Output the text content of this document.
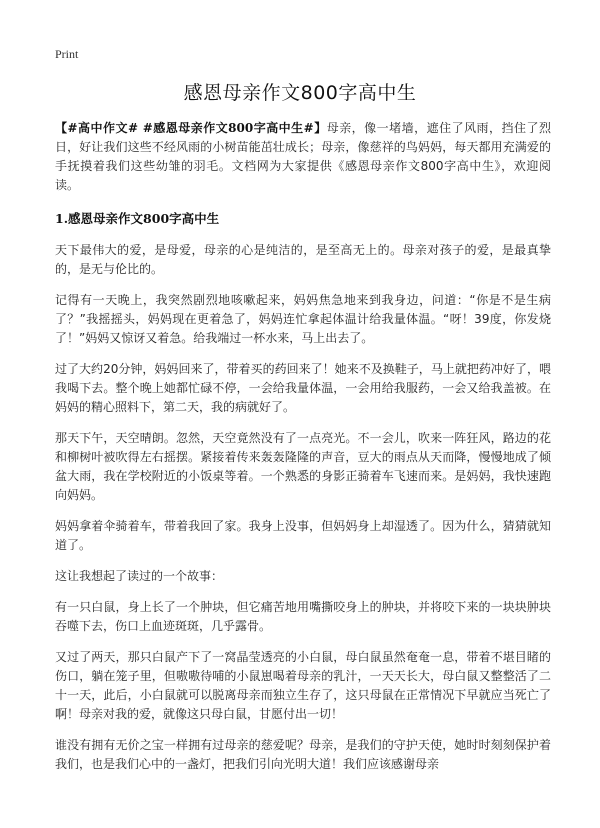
Print
感恩母亲作文800字高中生

【#高中作文# #感恩母亲作文800字高中生#】母亲，像一堵墙，遮住了风雨，挡住了烈日，好让我们这些不经风雨的小树苗能茁壮成长；母亲，像慈祥的鸟妈妈，每天都用充满爱的手抚摸着我们这些幼雏的羽毛。文档网为大家提供《感恩母亲作文800字高中生》，欢迎阅读。

1.感恩母亲作文800字高中生

天下最伟大的爱，是母爱，母亲的心是纯洁的，是至高无上的。母亲对孩子的爱，是最真挚的，是无与伦比的。

记得有一天晚上，我突然剧烈地咳嗽起来，妈妈焦急地来到我身边，问道：“你是不是生病了？”我摇摇头，妈妈现在更着急了，妈妈连忙拿起体温计给我量体温。“呀！39度，你发烧了！”妈妈又惊讶又着急。给我端过一杯水来，马上出去了。

过了大约20分钟，妈妈回来了，带着买的药回来了！她来不及换鞋子，马上就把药冲好了，喂我喝下去。整个晚上她都忙碌不停，一会给我量体温，一会用给我服药，一会又给我盖被。在妈妈的精心照料下，第二天，我的病就好了。

那天下午，天空晴朗。忽然，天空竟然没有了一点亮光。不一会儿，吹来一阵狂风，路边的花和柳树叶被吹得左右摇摆。紧接着传来轰轰隆隆的声音，豆大的雨点从天而降，慢慢地成了倾盆大雨，我在学校附近的小饭桌等着。一个熟悉的身影正骑着车飞速而来。是妈妈，我快速跑向妈妈。

妈妈拿着伞骑着车，带着我回了家。我身上没事，但妈妈身上却湿透了。因为什么，猜猜就知道了。

这让我想起了读过的一个故事：

有一只白鼠，身上长了一个肿块，但它痛苦地用嘴撕咬身上的肿块，并将咬下来的一块块肿块吞噬下去，伤口上血迹斑斑，几乎露骨。

又过了两天，那只白鼠产下了一窝晶莹透亮的小白鼠，母白鼠虽然奄奄一息，带着不堪目睹的伤口，躺在笼子里，但嗷嗷待哺的小鼠崽喝着母亲的乳汁，一天天长大，母白鼠又整整活了二十一天，此后，小白鼠就可以脱离母亲而独立生存了，这只母鼠在正常情况下早就应当死亡了啊！母亲对我的爱，就像这只母白鼠，甘愿付出一切！

谁没有拥有无价之宝一样拥有过母亲的慈爱呢？母亲，是我们的守护天使，她时时刻刻保护着我们，也是我们心中的一盏灯，把我们引向光明大道！我们应该感谢母亲
